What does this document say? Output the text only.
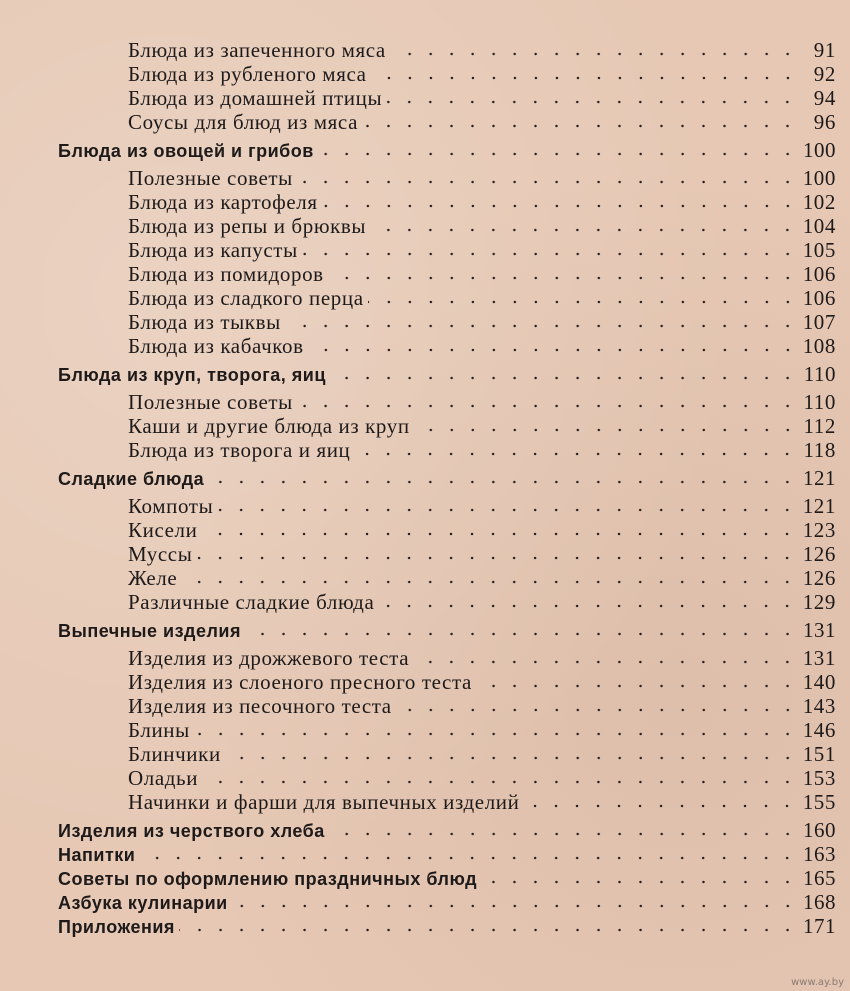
Блюда из запеченного мяса	91
Блюда из рубленого мяса	92
Блюда из домашней птицы	94
Соусы для блюд из мяса	96
Блюда из овощей и грибов	100
Полезные советы	100
Блюда из картофеля	102
Блюда из репы и брюквы	104
Блюда из капусты	105
Блюда из помидоров	106
Блюда из сладкого перца	106
Блюда из тыквы	107
Блюда из кабачков	108
Блюда из круп, творога, яиц	110
Полезные советы	110
Каши и другие блюда из круп	112
Блюда из творога и яиц	118
Сладкие блюда	121
Компоты	121
Кисели	123
Муссы	126
Желе	126
Различные сладкие блюда	129
Выпечные изделия	131
Изделия из дрожжевого теста	131
Изделия из слоеного пресного теста	140
Изделия из песочного теста	143
Блины	146
Блинчики	151
Оладьи	153
Начинки и фарши для выпечных изделий	155
Изделия из черствого хлеба	160
Напитки	163
Советы по оформлению праздничных блюд	165
Азбука кулинарии	168
Приложения	171
www.ay.by
